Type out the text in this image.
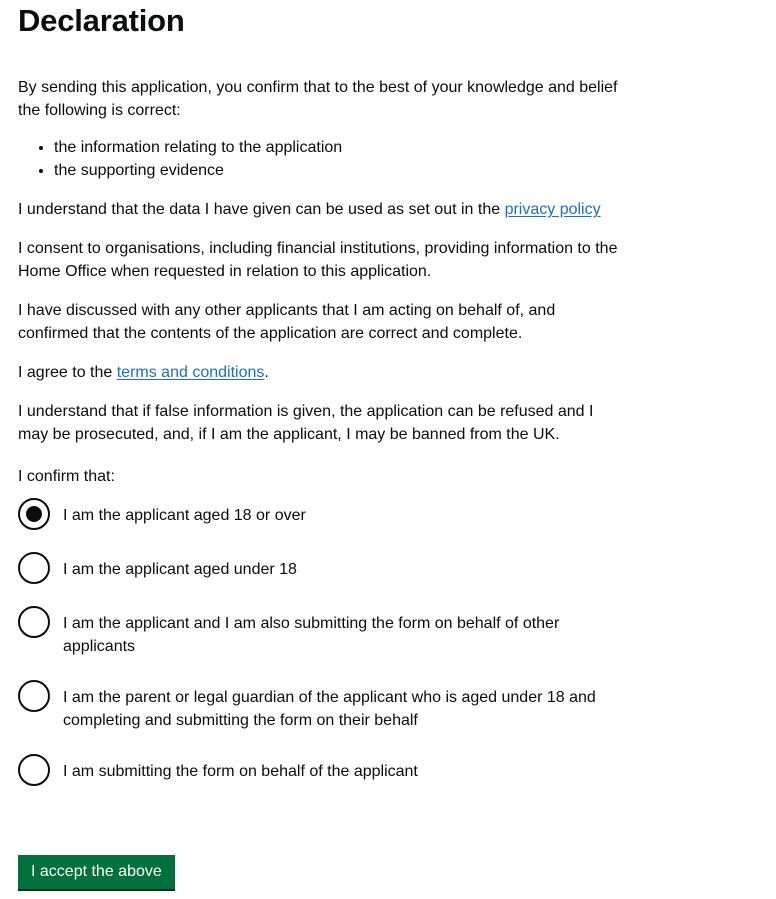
Declaration

By sending this application, you confirm that to the best of your knowledge and belief the following is correct:

• the information relating to the application
• the supporting evidence

I understand that the data I have given can be used as set out in the privacy policy

I consent to organisations, including financial institutions, providing information to the Home Office when requested in relation to this application.

I have discussed with any other applicants that I am acting on behalf of, and confirmed that the contents of the application are correct and complete.

I agree to the terms and conditions.

I understand that if false information is given, the application can be refused and I may be prosecuted, and, if I am the applicant, I may be banned from the UK.

I confirm that:

I am the applicant aged 18 or over
I am the applicant aged under 18
I am the applicant and I am also submitting the form on behalf of other applicants
I am the parent or legal guardian of the applicant who is aged under 18 and completing and submitting the form on their behalf
I am submitting the form on behalf of the applicant
I accept the above
